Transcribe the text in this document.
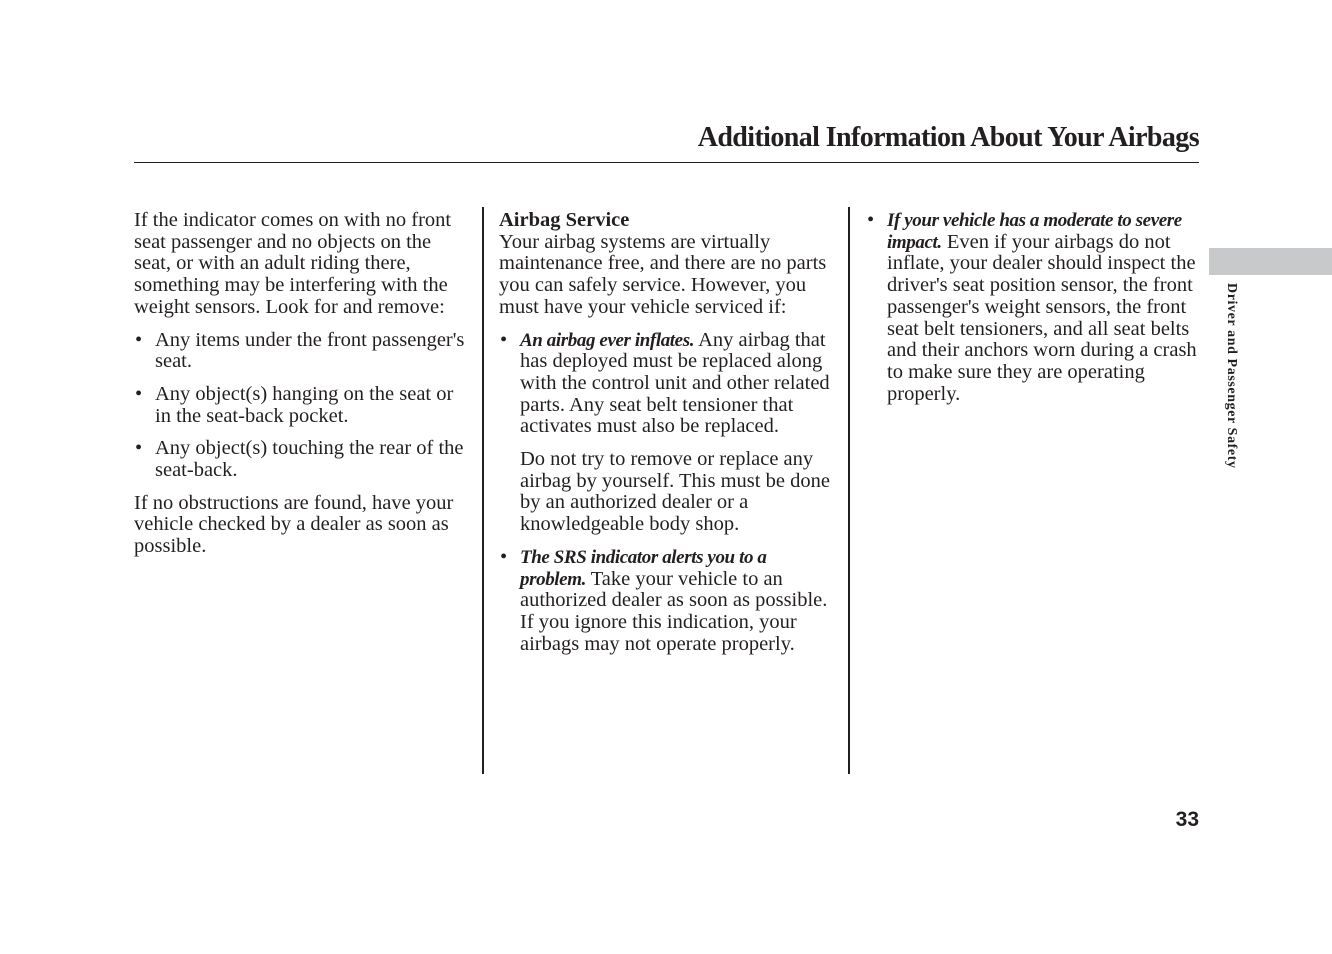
Additional Information About Your Airbags

If the indicator comes on with no front seat passenger and no objects on the seat, or with an adult riding there, something may be interfering with the weight sensors. Look for and remove:

• Any items under the front passenger's seat.
• Any object(s) hanging on the seat or in the seat-back pocket.
• Any object(s) touching the rear of the seat-back.

If no obstructions are found, have your vehicle checked by a dealer as soon as possible.

Airbag Service

Your airbag systems are virtually maintenance free, and there are no parts you can safely service. However, you must have your vehicle serviced if:

• An airbag ever inflates. Any airbag that has deployed must be replaced along with the control unit and other related parts. Any seat belt tensioner that activates must also be replaced.

Do not try to remove or replace any airbag by yourself. This must be done by an authorized dealer or a knowledgeable body shop.

• The SRS indicator alerts you to a problem. Take your vehicle to an authorized dealer as soon as possible. If you ignore this indication, your airbags may not operate properly.

• If your vehicle has a moderate to severe impact. Even if your airbags do not inflate, your dealer should inspect the driver's seat position sensor, the front passenger's weight sensors, the front seat belt tensioners, and all seat belts and their anchors worn during a crash to make sure they are operating properly.	Driver and Passenger Safety
33
